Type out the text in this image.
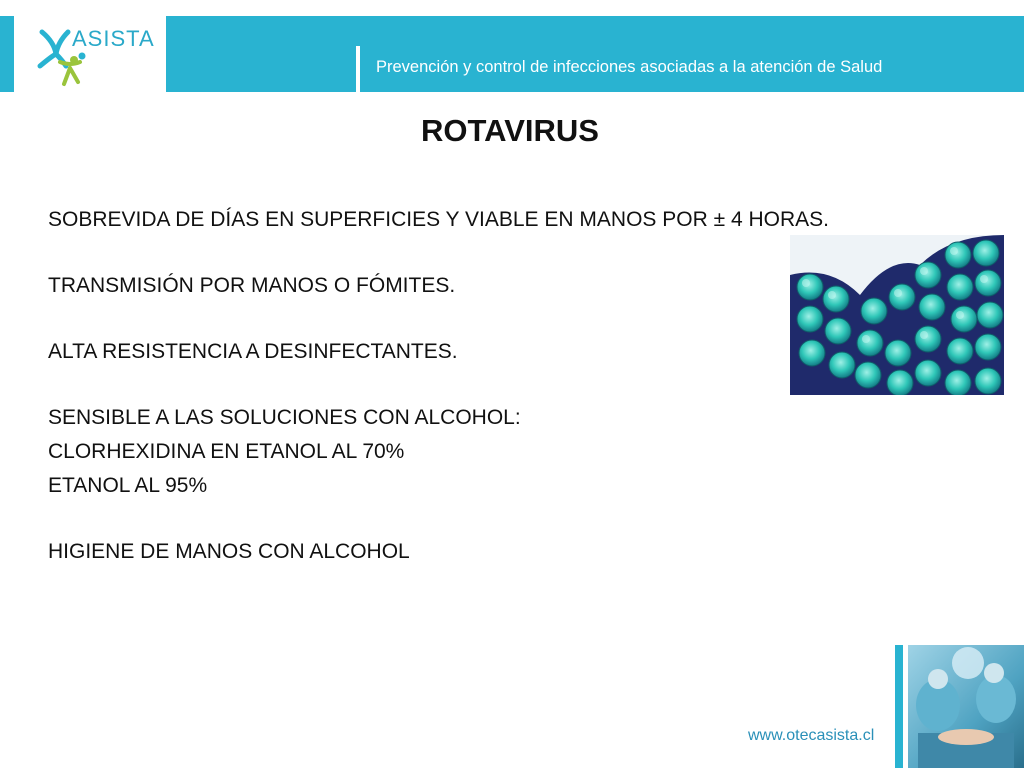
ASISTA
Prevención y control de infecciones asociadas a la atención de Salud
ROTAVIRUS
SOBREVIDA DE DÍAS EN SUPERFICIES Y VIABLE EN MANOS POR ± 4 HORAS.
TRANSMISIÓN POR MANOS O FÓMITES.
ALTA RESISTENCIA A DESINFECTANTES.
SENSIBLE A LAS SOLUCIONES CON ALCOHOL:
CLORHEXIDINA EN ETANOL AL 70%
ETANOL AL 95%
HIGIENE DE MANOS CON ALCOHOL
www.otecasista.cl
